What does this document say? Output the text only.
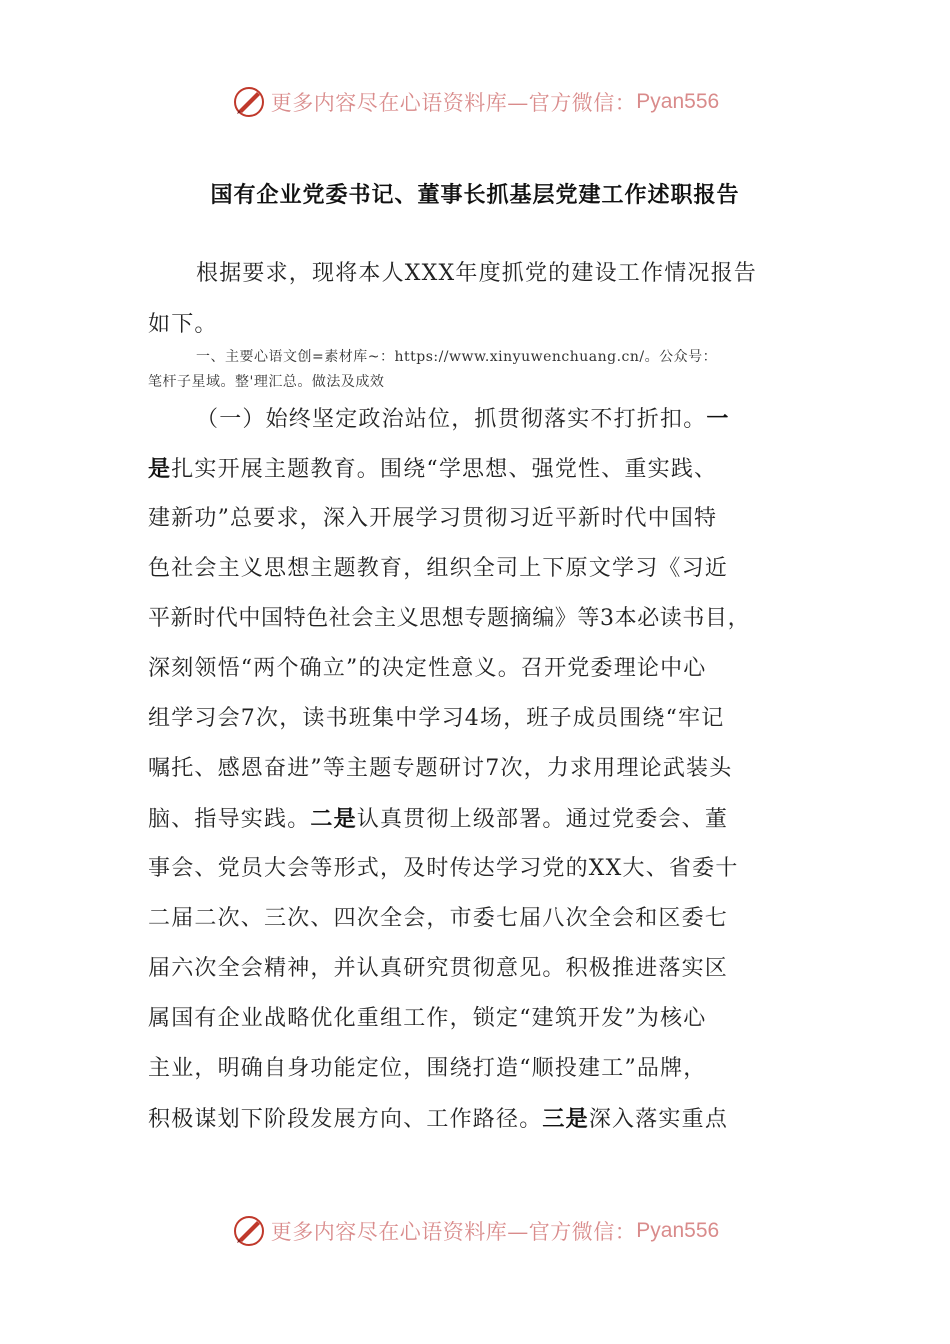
更多内容尽在心语资料库—官方微信： Pyan556
国有企业党委书记、董事长抓基层党建工作述职报告
根据要求，现将本人XXX年度抓党的建设工作情况报告
如下。
一、主要心语文创=素材库~：https://www.xinyuwenchuang.cn/。公众号：
笔杆子星域。整'理汇总。做法及成效
（一）始终坚定政治站位，抓贯彻落实不打折扣。一
是扎实开展主题教育。围绕“学思想、强党性、重实践、
建新功”总要求，深入开展学习贯彻习近平新时代中国特
色社会主义思想主题教育，组织全司上下原文学习《习近
平新时代中国特色社会主义思想专题摘编》等3本必读书目，
深刻领悟“两个确立”的决定性意义。召开党委理论中心
组学习会7次，读书班集中学习4场，班子成员围绕“牢记
嘱托、感恩奋进”等主题专题研讨7次，力求用理论武装头
脑、指导实践。二是认真贯彻上级部署。通过党委会、董
事会、党员大会等形式，及时传达学习党的XX大、省委十
二届二次、三次、四次全会，市委七届八次全会和区委七
届六次全会精神，并认真研究贯彻意见。积极推进落实区
属国有企业战略优化重组工作，锁定“建筑开发”为核心
主业，明确自身功能定位，围绕打造“顺投建工”品牌，
积极谋划下阶段发展方向、工作路径。三是深入落实重点
更多内容尽在心语资料库—官方微信： Pyan556
